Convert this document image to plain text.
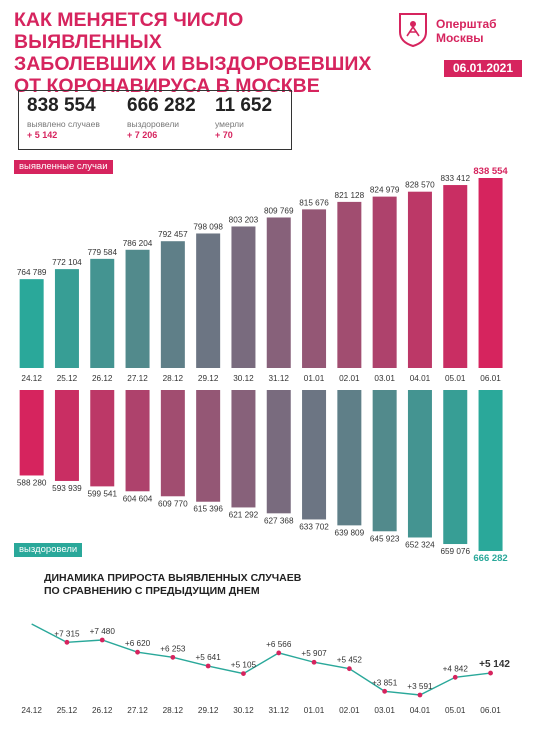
КАК МЕНЯЕТСЯ ЧИСЛО ВЫЯВЛЕННЫХ
ЗАБОЛЕВШИХ И ВЫЗДОРОВЕВШИХ
ОТ КОРОНАВИРУСА В МОСКВЕ
Оперштаб
Москвы
06.01.2021
838 554
выявлено случаев
+ 5 142
666 282
выздоровели
+ 7 206
11 652
умерли
+ 70
выявленные случаи
выздоровели
ДИНАМИКА ПРИРОСТА ВЫЯВЛЕННЫХ СЛУЧАЕВ
ПО СРАВНЕНИЮ С ПРЕДЫДУЩИМ ДНЕМ
764 789
772 104
779 584
786 204
792 457
798 098
803 203
809 769
815 676
821 128
824 979
828 570
833 412
838 554
24.12 25.12 26.12 27.12 28.12 29.12 30.12 31.12 01.01 02.01 03.01 04.01 05.01 06.01
588 280
593 939
599 541
604 604
609 770
615 396
621 292
627 368
633 702
639 809
645 923
652 324
659 076
666 282
+7 315 +7 480
+6 620
+6 253
+5 641
+5 105
+6 566
+5 907
+5 452
+3 851 +3 591
+4 842 +5 142
24.12 25.12 26.12 27.12 28.12 29.12 30.12 31.12 01.01 02.01 03.01 04.01 05.01 06.01
